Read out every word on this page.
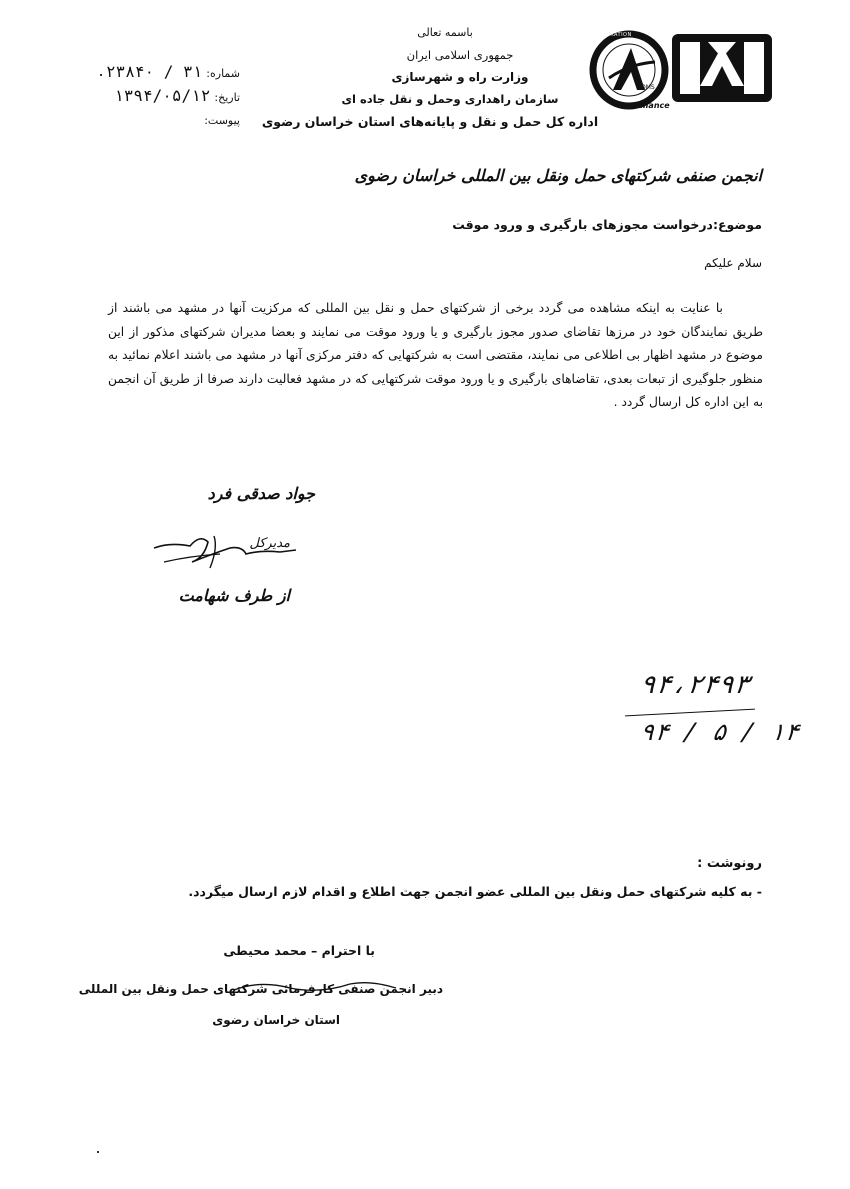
COMMUNICATION / REGISTRATION
QMS
Alliance
باسمه تعالی
جمهوری اسلامی ایران
وزارت راه و شهرسازی
سازمان راهداری وحمل و نقل جاده ای
اداره کل حمل و نقل و پایانه‌های استان خراسان رضوی
شماره:۳۱ / ۲۳۸۴۰
تاریخ:۱۳۹۴/۰۵/۱۲
پیوست:
انجمن صنفی شرکتهای حمل ونقل بین المللی خراسان رضوی
موضوع:درخواست مجوزهای بارگیری و ورود موقت
سلام علیکم
با عنایت به اینکه مشاهده می گردد برخی از شرکتهای حمل و نقل بین المللی که مرکزیت آنها در مشهد می باشند از طریق نمایندگان خود در مرزها تقاضای صدور مجوز بارگیری و یا ورود موقت می نمایند و بعضا مدیران شرکتهای مذکور از این موضوع در مشهد اظهار بی اطلاعی می نمایند، مقتضی است به شرکتهایی که دفتر مرکزی آنها در مشهد می باشند اعلام نمائید به منظور جلوگیری از تبعات بعدی، تقاضاهای بارگیری و یا ورود موقت شرکتهایی که در مشهد فعالیت دارند صرفا از طریق آن انجمن به این اداره کل ارسال گردد .
جواد صدقی فرد
مدیرکل
از طرف شهامت
۹۴،۲۴۹۳
۹۴ / ۵ / ۱۴
رونوشت :
- به کلیه شرکتهای حمل ونقل بین المللی عضو انجمن جهت اطلاع و اقدام لازم ارسال میگردد.
با احترام – محمد محیطی
دبیر انجمن صنفی کارفرمائی شرکتهای حمل ونقل بین المللی
استان خراسان رضوی
